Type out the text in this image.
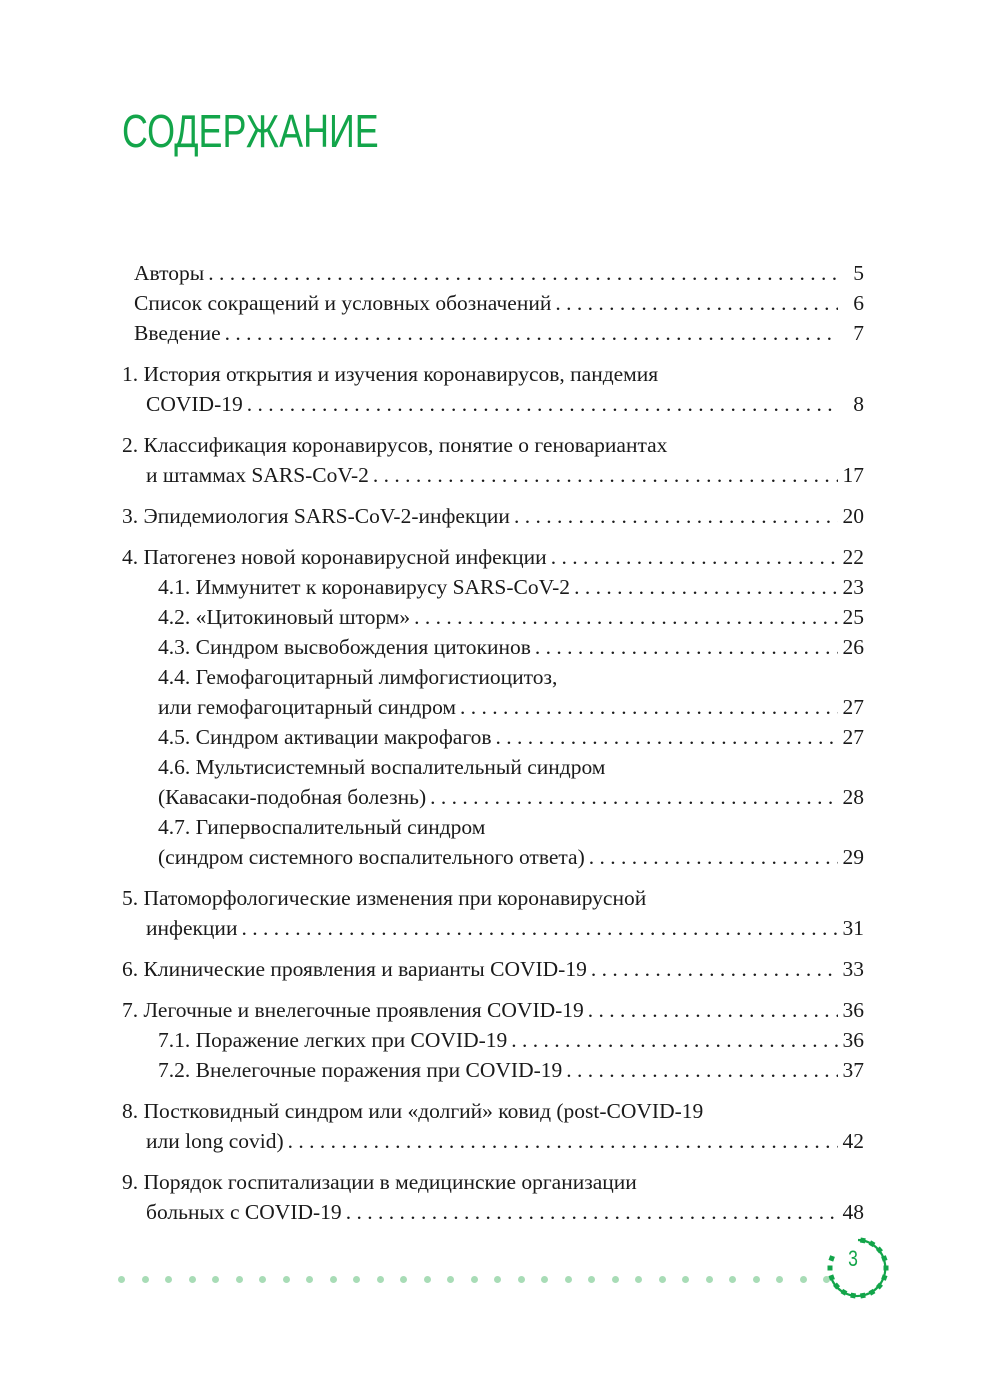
СОДЕРЖАНИЕ
Авторы . . .	5
Список сокращений и условных обозначений . . .	6
Введение . . .	7
1. История открытия и изучения коронавирусов, пандемия
COVID-19 . . .	8
2. Классификация коронавирусов, понятие о геновариантах
и штаммах SARS-CoV-2 . . .	17
3. Эпидемиология SARS-CoV-2-инфекции . . .	20
4. Патогенез новой коронавирусной инфекции . . .	22
4.1. Иммунитет к коронавирусу SARS-CoV-2 . . .	23
4.2. «Цитокиновый шторм» . . .	25
4.3. Синдром высвобождения цитокинов . . .	26
4.4. Гемофагоцитарный лимфогистиоцитоз,
или гемофагоцитарный синдром . . .	27
4.5. Синдром активации макрофагов . . .	27
4.6. Мультисистемный воспалительный синдром
(Кавасаки-подобная болезнь) . . .	28
4.7. Гипервоспалительный синдром
(синдром системного воспалительного ответа) . . .	29
5. Патоморфологические изменения при коронавирусной
инфекции . . .	31
6. Клинические проявления и варианты COVID-19 . . .	33
7. Легочные и внелегочные проявления COVID-19 . . .	36
7.1. Поражение легких при COVID-19 . . .	36
7.2. Внелегочные поражения при COVID-19 . . .	37
8. Постковидный синдром или «долгий» ковид (post-COVID-19
или long covid) . . .	42
9. Порядок госпитализации в медицинские организации
больных с COVID-19 . . .	48
3
